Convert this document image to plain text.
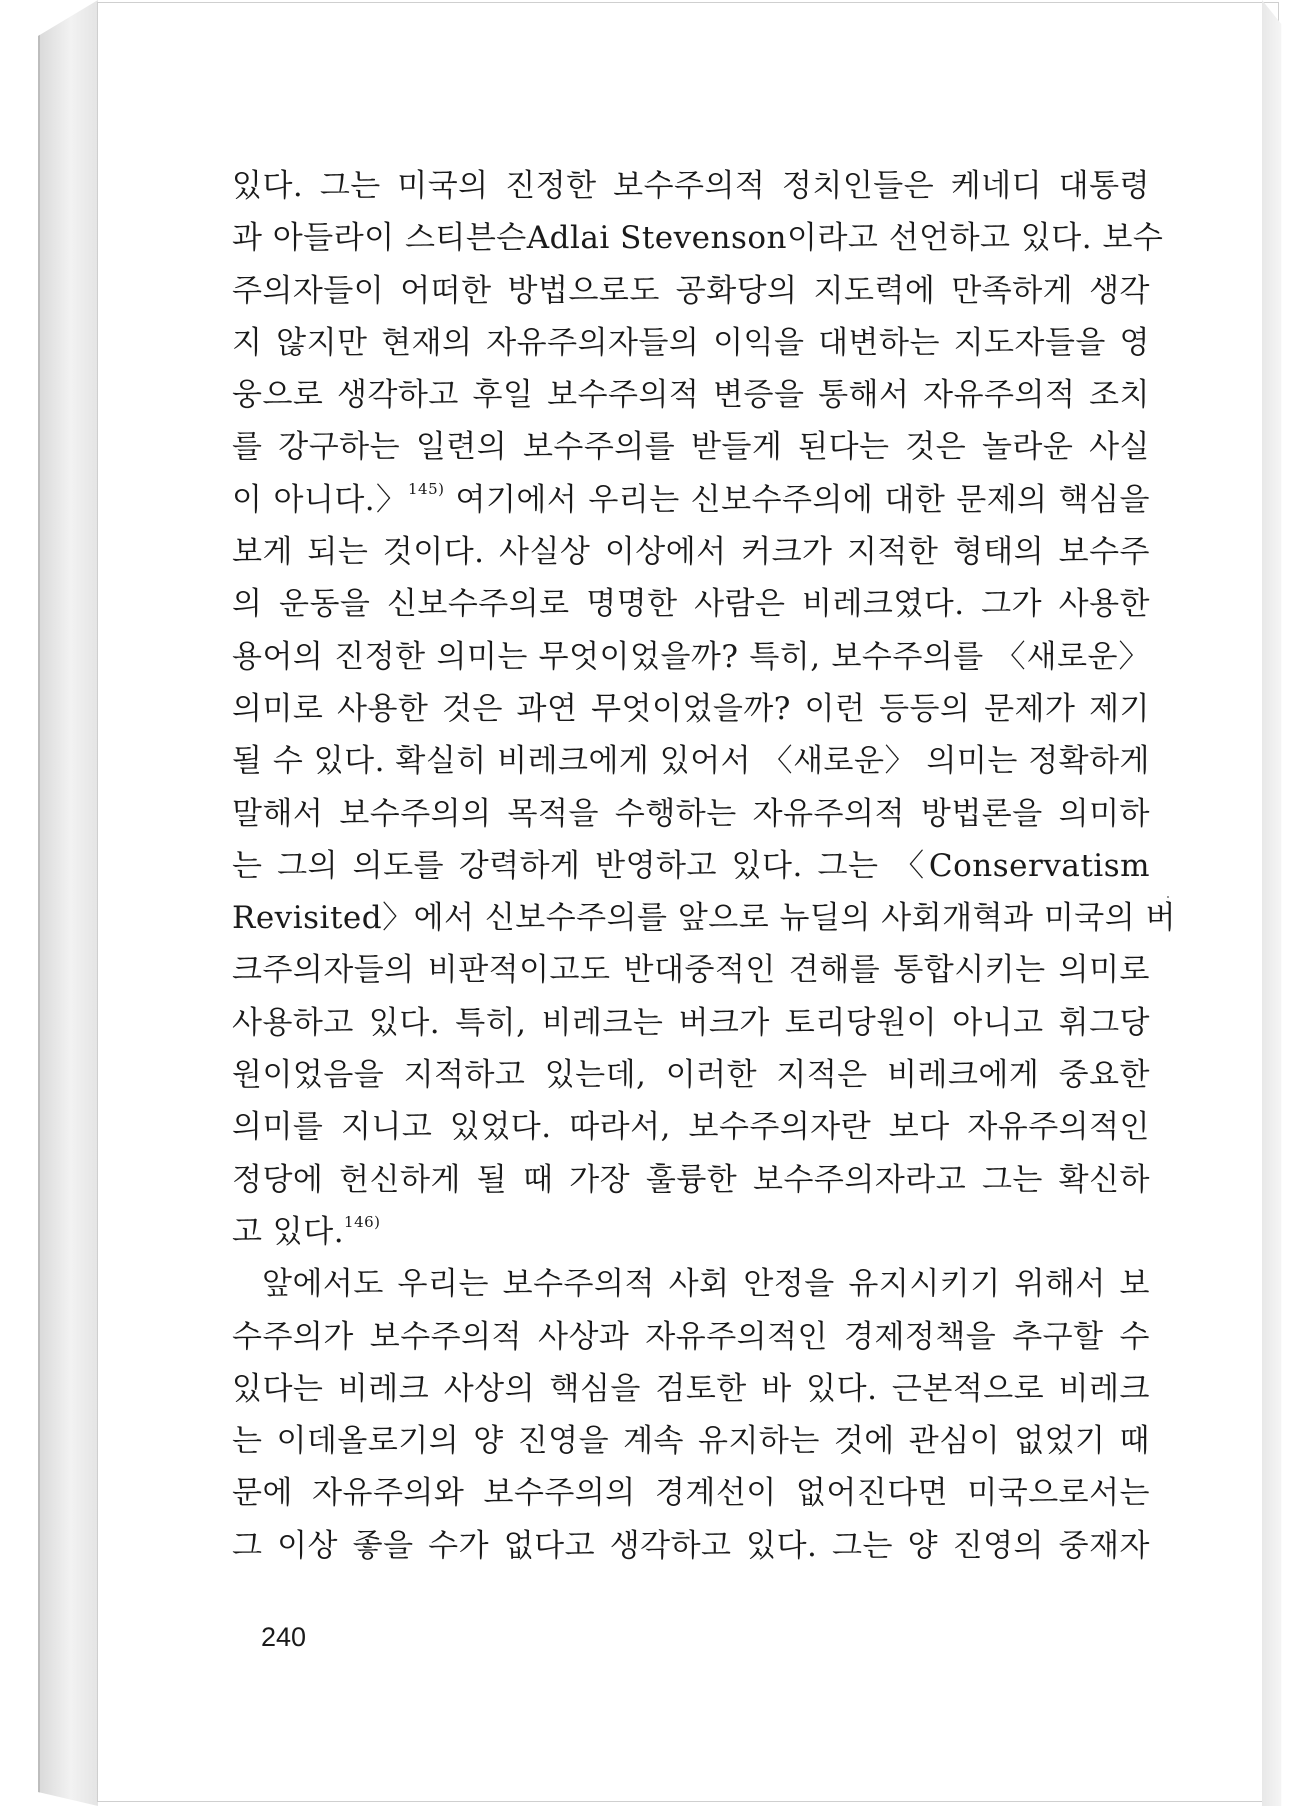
있다. 그는 미국의 진정한 보수주의적 정치인들은 케네디 대통령
과 아들라이 스티븐슨Adlai Stevenson이라고 선언하고 있다. 보수
주의자들이 어떠한 방법으로도 공화당의 지도력에 만족하게 생각
지 않지만 현재의 자유주의자들의 이익을 대변하는 지도자들을 영
웅으로 생각하고 후일 보수주의적 변증을 통해서 자유주의적 조치
를 강구하는 일련의 보수주의를 받들게 된다는 것은 놀라운 사실
이 아니다.〉$^{145)}$ 여기에서 우리는 신보수주의에 대한 문제의 핵심을
보게 되는 것이다. 사실상 이상에서 커크가 지적한 형태의 보수주
의 운동을 신보수주의로 명명한 사람은 비레크였다. 그가 사용한
용어의 진정한 의미는 무엇이었을까? 특히, 보수주의를 〈새로운〉
의미로 사용한 것은 과연 무엇이었을까? 이런 등등의 문제가 제기
될 수 있다. 확실히 비레크에게 있어서 〈새로운〉 의미는 정확하게
말해서 보수주의의 목적을 수행하는 자유주의적 방법론을 의미하
는 그의 의도를 강력하게 반영하고 있다. 그는 〈Conservatism
Revisited〉에서 신보수주의를 앞으로 뉴딜의 사회개혁과 미국의 버
크주의자들의 비판적이고도 반대중적인 견해를 통합시키는 의미로
사용하고 있다. 특히, 비레크는 버크가 토리당원이 아니고 휘그당
원이었음을 지적하고 있는데, 이러한 지적은 비레크에게 중요한
의미를 지니고 있었다. 따라서, 보수주의자란 보다 자유주의적인
정당에 헌신하게 될 때 가장 훌륭한 보수주의자라고 그는 확신하
고 있다.$^{146)}$
앞에서도 우리는 보수주의적 사회 안정을 유지시키기 위해서 보
수주의가 보수주의적 사상과 자유주의적인 경제정책을 추구할 수
있다는 비레크 사상의 핵심을 검토한 바 있다. 근본적으로 비레크
는 이데올로기의 양 진영을 계속 유지하는 것에 관심이 없었기 때
문에 자유주의와 보수주의의 경계선이 없어진다면 미국으로서는
그 이상 좋을 수가 없다고 생각하고 있다. 그는 양 진영의 중재자
240
